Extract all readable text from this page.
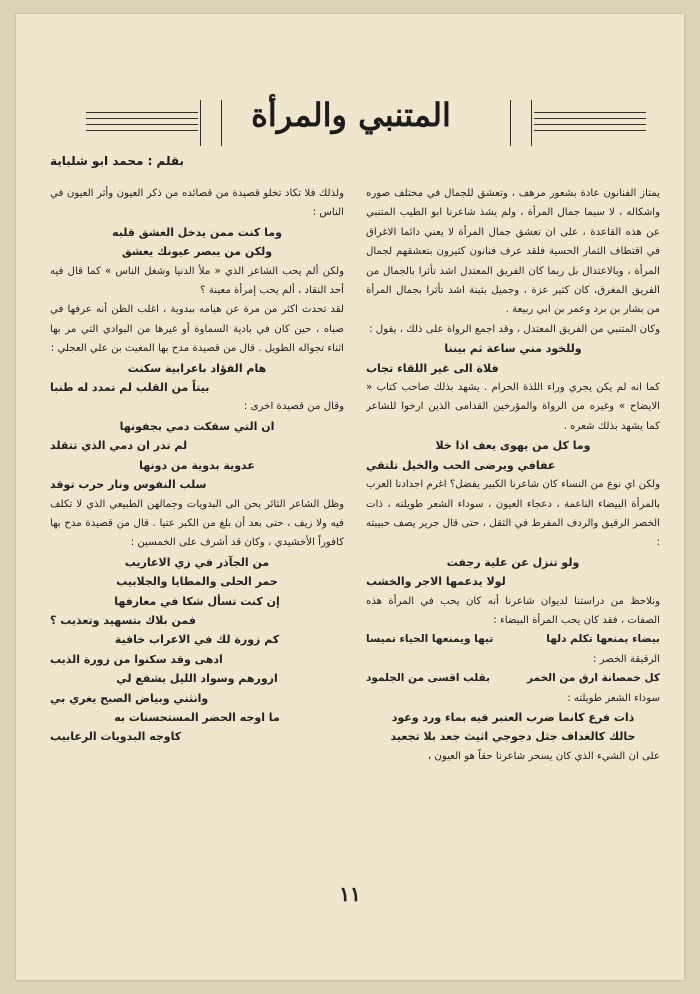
المتنبي والمرأة
بقلم : محمد ابو شلباية

يمتاز الفنانون عادة بشعور مرهف ، وتعشق للجمال في مختلف صوره واشكاله ، لا سيما جمال المرأة ، ولم يشذ شاعرنا ابو الطيب المتنبي عن هذه القاعدة ، على ان تعشق جمال المرأة لا يعني دائما الاغراق في اقتطاف الثمار الحسية فلقد عرف فنانون كثيرون بتعشقهم لجمال المرأة ، وبالاعتدال بل ربما كان الفريق المعتدل اشد تأثرا بالجمال من الفريق المغرق، كان كثير عزة ، وجميل بثينة اشد تأثرا بجمال المرأة من بشار بن برد وعمر بن ابي ربيعة .

وكان المتنبي من الفريق المعتدل ، وقد اجمع الرواة على ذلك ، يقول :

وللخود مني ساعة ثم بيننا

فلاة الى غير اللقاء تجاب

كما انه لم يكن يجري وراء اللذة الحرام . يشهد بذلك صاحب كتاب « الايضاح » وغيره من الرواة والمؤرخين القدامى الذين ارخوا للشاعر كما يشهد بذلك شعره .

وما كل من يهوى يعف اذا خلا

عفافي ويرضى الحب والخيل تلتقي

ولكن اي نوع من النساء كان شاعرنا الكبير يفضل؟ اغرم اجدادنا العرب بالمرأة البيضاء الناعمة ، دعجاء العيون ، سوداء الشعر طويلته ، ذات الخصر الرقيق والردف المفرط في الثقل ، حتى قال جرير يصف حبيبته :

ولو تنزل عن علية رجفت

لولا يدعمها الاجر والخشب

ونلاحظ من دراستنا لديوان شاعرنا أنه كان يحب في المرأة هذه الصفات ، فقد كان يحب المرأة البيضاء :

بيضاء يمنعها تكلم دلها
تيها ويمنعها الحياء تميسا

الرقيقة الخصر :

كل خمصانة ارق من الخمر
بقلب اقسى من الجلمود

سوداء الشعر طويلته :

ذات فرع كانما ضرب العنبر فيه بماء ورد وعود

حالك كالغداف جثل دجوجي اثيث جعد بلا تجعيد

على ان الشيء الذي كان يسحر شاعرنا حقاً هو العيون ،

ولذلك فلا تكاد تخلو قصيدة من قصائده من ذكر العيون وأثر العيون في الناس :

وما كنت ممن يدخل العشق قلبه

ولكن من يبصر عيونك يعشق

ولكن ألم يحب الشاعر الذي « ملأ الدنيا وشغل الناس » كما قال فيه أحد النقاد ، ألم يحب إمرأة معينة ؟

لقد تحدث اكثر من مرة عن هيامه ببدوية ، اغلب الظن أنه عرفها في صباه ، حين كان في بادية السماوة أو غيرها من البوادي التي مر بها اثناء تجواله الطويل . قال من قصيدة مدح بها المغيث بن علي العجلي :

هام الفؤاد باعرابية سكنت

بيتاً من القلب لم تمدد له طنبا

وقال من قصيدة اخرى :

ان التي سفكت دمي بجفونها

لم تدر ان دمي الذي تتقلد

عدوية بدوية من دونها

سلب النفوس ونار حرب توقد

وظل الشاعر الثائر يحن الى البدويات وجمالهن الطبيعي الذي لا تكلف فيه ولا زيف ، حتى بعد أن بلغ من الكبر عتيا . قال من قصيدة مدح بها كافوراً الأخشيدي ، وكان قد أشرف على الخمسين :

من الجآذر في زي الاعاريب

حمر الحلى والمطايا والجلابيب

إن كنت تسأل شكا في معارفها

فمن بلاك بتسهيد وتعذيب ؟

كم زورة لك في الاعراب خافية

ادهى وقد سكنوا من زورة الذيب

ازورهم وسواد الليل يشفع لي

وانثني وبياض الصبح يغري بي

ما اوجه الحضر المستحسنات به

كاوجه البدويات الرعابيب

١١
